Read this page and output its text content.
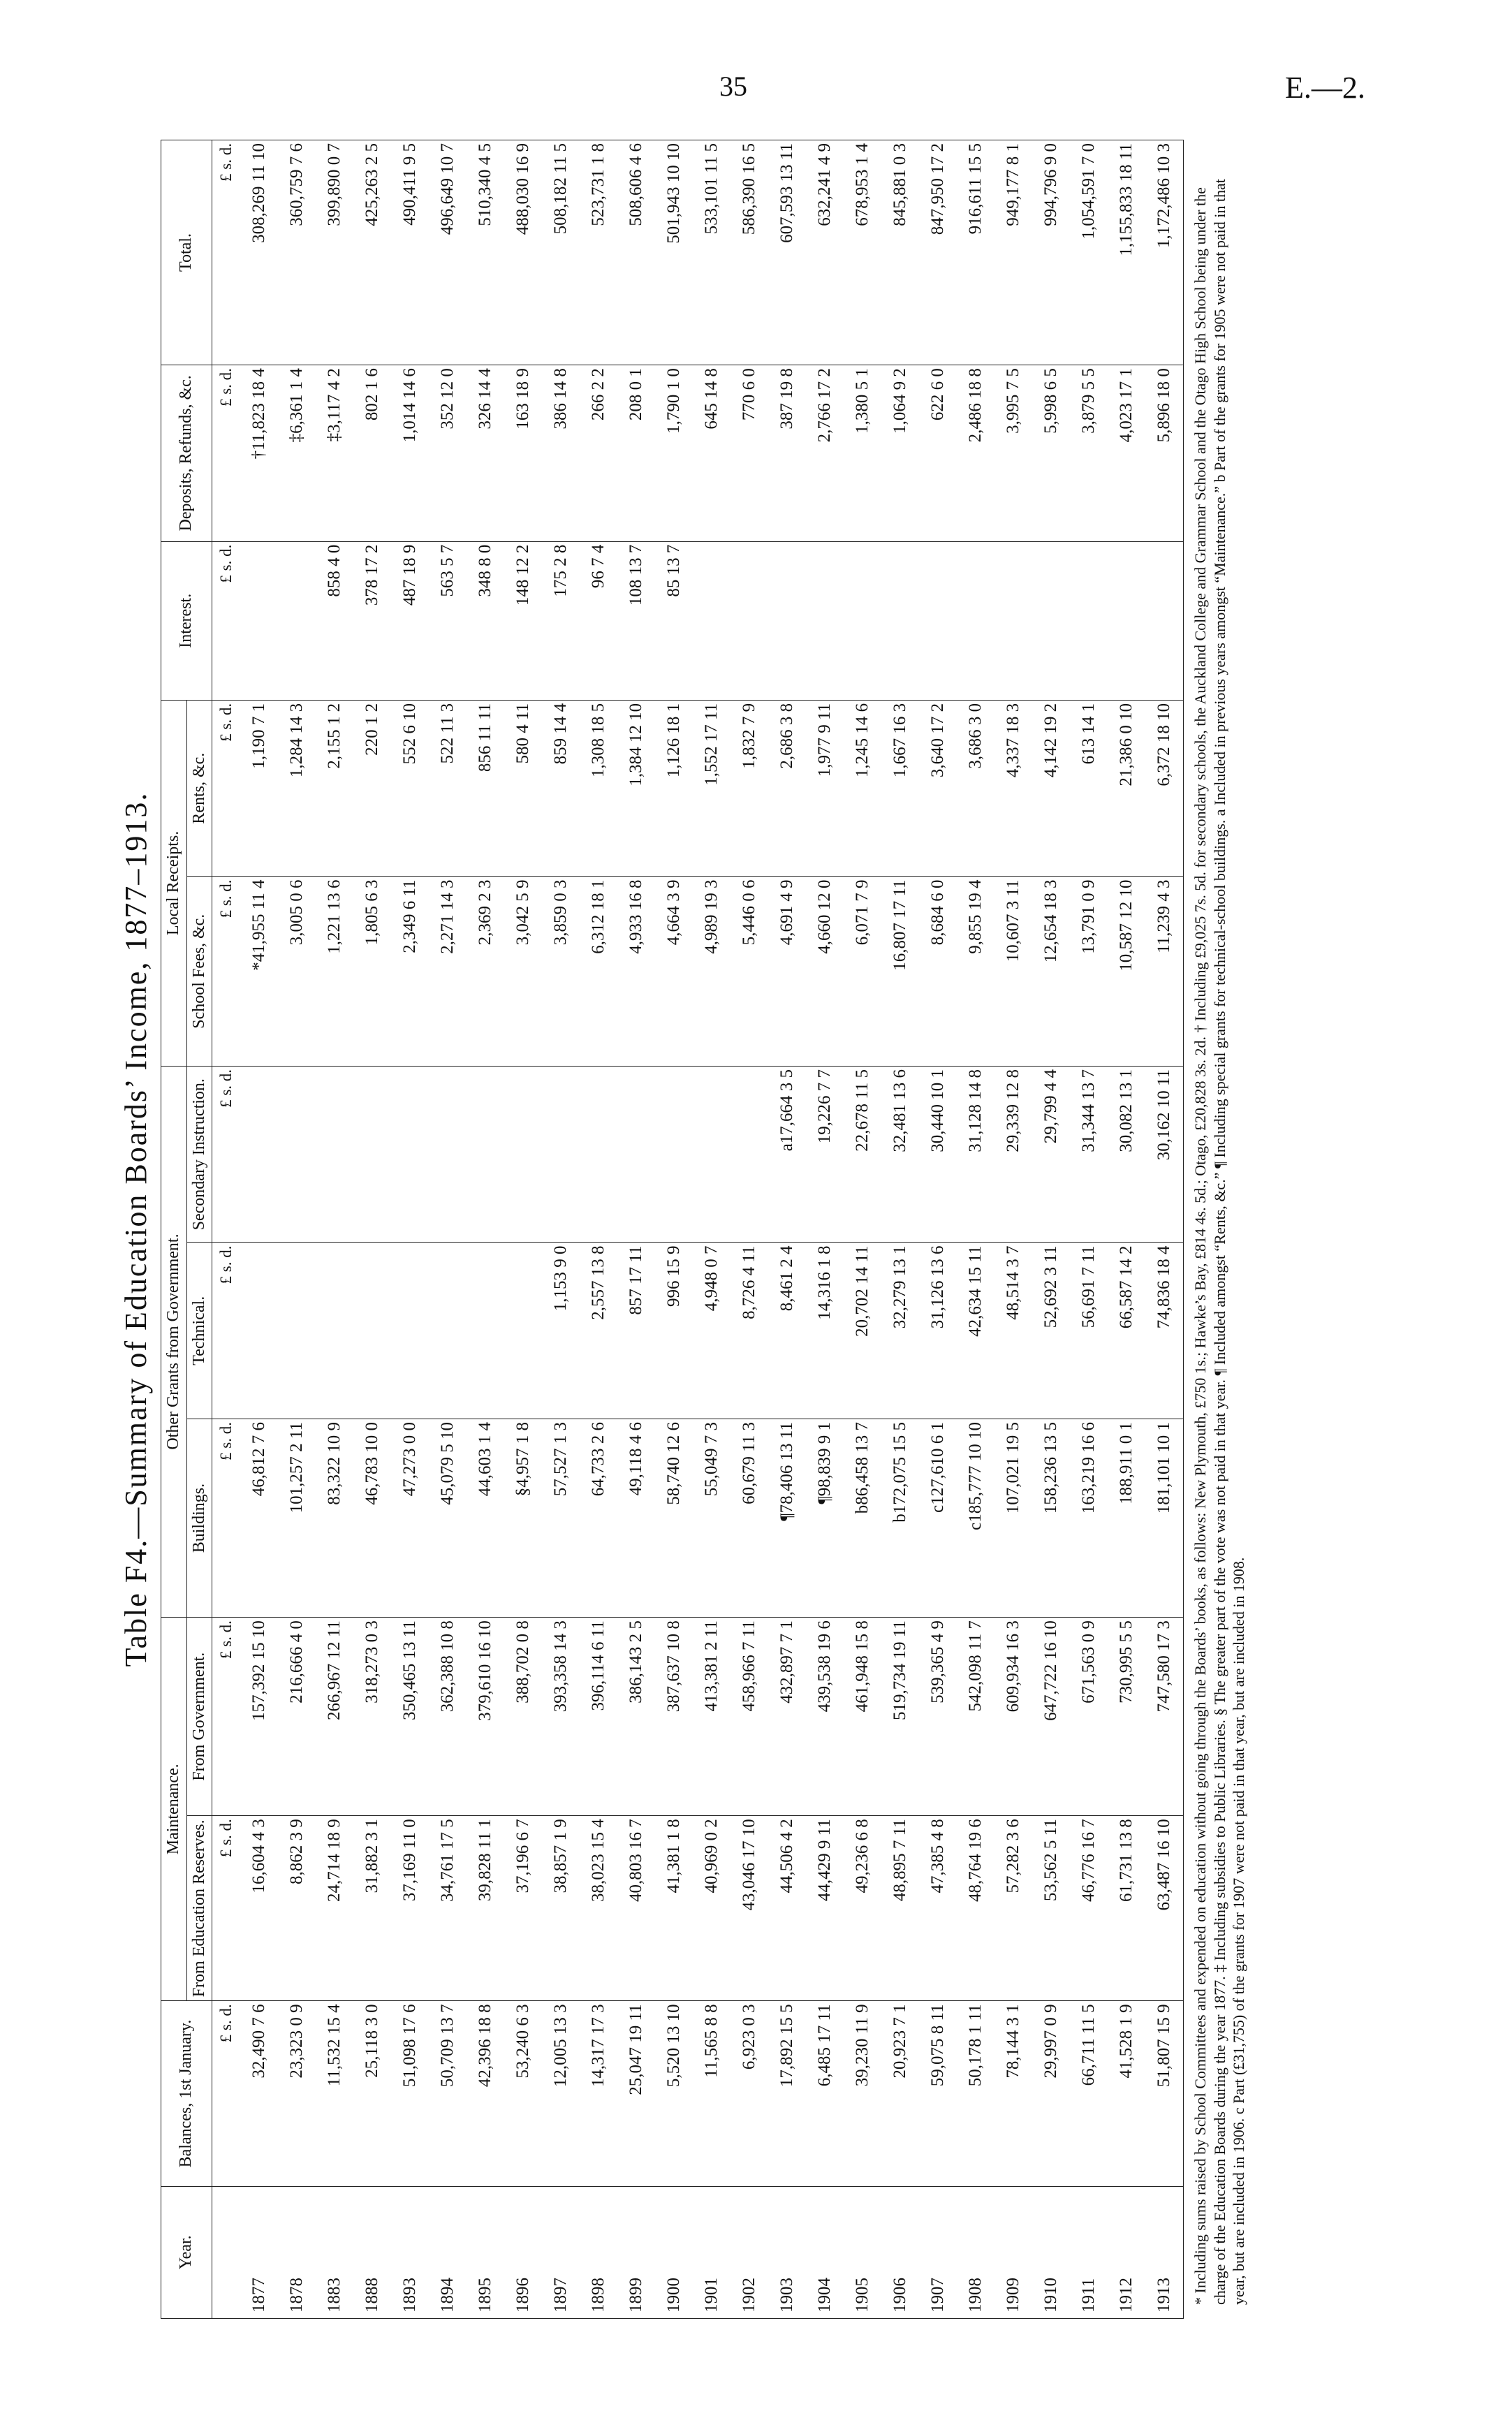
35	E.—2.
Table F4.—Summary of Education Boards’ Income, 1877–1913.
Year.	Balances, 1st January.	Maintenance.		Other Grants from Government.			Local Receipts.		Interest.	Deposits, Refunds, &c.	Total.
		From Education Reserves.	From Government.	Buildings.	Technical.	Secondary Instruction.	School Fees, &c.	Rents, &c.			
	£ s. d.	£ s. d.	£ s. d.	£ s. d.	£ s. d.	£ s. d.	£ s. d.	£ s. d.	£ s. d.	£ s. d.	£ s. d.
1877	32,490 7 6	16,604 4 3	157,392 15 10	46,812 7 6			*41,955 11 4	1,190 7 1		†11,823 18 4	308,269 11 10
1878	23,323 0 9	8,862 3 9	216,666 4 0	101,257 2 11			3,005 0 6	1,284 14 3		‡6,361 1 4	360,759 7 6
1883	11,532 15 4	24,714 18 9	266,967 12 11	83,322 10 9			1,221 13 6	2,155 1 2	858 4 0	‡3,117 4 2	399,890 0 7
1888	25,118 3 0	31,882 3 1	318,273 0 3	46,783 10 0			1,805 6 3	220 1 2	378 17 2	802 1 6	425,263 2 5
1893	51,098 17 6	37,169 11 0	350,465 13 11	47,273 0 0			2,349 6 11	552 6 10	487 18 9	1,014 14 6	490,411 9 5
1894	50,709 13 7	34,761 17 5	362,388 10 8	45,079 5 10			2,271 14 3	522 11 3	563 5 7	352 12 0	496,649 10 7
1895	42,396 18 8	39,828 11 1	379,610 16 10	44,603 1 4			2,369 2 3	856 11 11	348 8 0	326 14 4	510,340 4 5
1896	53,240 6 3	37,196 6 7	388,702 0 8	§4,957 1 8			3,042 5 9	580 4 11	148 12 2	163 18 9	488,030 16 9
1897	12,005 13 3	38,857 1 9	393,358 14 3	57,527 1 3	1,153 9 0		3,859 0 3	859 14 4	175 2 8	386 14 8	508,182 11 5
1898	14,317 17 3	38,023 15 4	396,114 6 11	64,733 2 6	2,557 13 8		6,312 18 1	1,308 18 5	96 7 4	266 2 2	523,731 1 8
1899	25,047 19 11	40,803 16 7	386,143 2 5	49,118 4 6	857 17 11		4,933 16 8	1,384 12 10	108 13 7	208 0 1	508,606 4 6
1900	5,520 13 10	41,381 1 8	387,637 10 8	58,740 12 6	996 15 9		4,664 3 9	1,126 18 1	85 13 7	1,790 1 0	501,943 10 10
1901	11,565 8 8	40,969 0 2	413,381 2 11	55,049 7 3	4,948 0 7		4,989 19 3	1,552 17 11		645 14 8	533,101 11 5
1902	6,923 0 3	43,046 17 10	458,966 7 11	60,679 11 3	8,726 4 11		5,446 0 6	1,832 7 9		770 6 0	586,390 16 5
1903	17,892 15 5	44,506 4 2	432,897 7 1	¶78,406 13 11	8,461 2 4	a17,664 3 5	4,691 4 9	2,686 3 8		387 19 8	607,593 13 11
1904	6,485 17 11	44,429 9 11	439,538 19 6	¶98,839 9 1	14,316 1 8	19,226 7 7	4,660 12 0	1,977 9 11		2,766 17 2	632,241 4 9
1905	39,230 11 9	49,236 6 8	461,948 15 8	b86,458 13 7	20,702 14 11	22,678 11 5	6,071 7 9	1,245 14 6		1,380 5 1	678,953 1 4
1906	20,923 7 1	48,895 7 11	519,734 19 11	b172,075 15 5	32,279 13 1	32,481 13 6	16,807 17 11	1,667 16 3		1,064 9 2	845,881 0 3
1907	59,075 8 11	47,385 4 8	539,365 4 9	c127,610 6 1	31,126 13 6	30,440 10 1	8,684 6 0	3,640 17 2		622 6 0	847,950 17 2
1908	50,178 1 11	48,764 19 6	542,098 11 7	c185,777 10 10	42,634 15 11	31,128 14 8	9,855 19 4	3,686 3 0		2,486 18 8	916,611 15 5
1909	78,144 3 1	57,282 3 6	609,934 16 3	107,021 19 5	48,514 3 7	29,339 12 8	10,607 3 11	4,337 18 3		3,995 7 5	949,177 8 1
1910	29,997 0 9	53,562 5 11	647,722 16 10	158,236 13 5	52,692 3 11	29,799 4 4	12,654 18 3	4,142 19 2		5,998 6 5	994,796 9 0
1911	66,711 11 5	46,776 16 7	671,563 0 9	163,219 16 6	56,691 7 11	31,344 13 7	13,791 0 9	613 14 1		3,879 5 5	1,054,591 7 0
1912	41,528 1 9	61,731 13 8	730,995 5 5	188,911 0 1	66,587 14 2	30,082 13 1	10,587 12 10	21,386 0 10		4,023 17 1	1,155,833 18 11
1913	51,807 15 9	63,487 16 10	747,580 17 3	181,101 10 1	74,836 18 4	30,162 10 11	11,239 4 3	6,372 18 10		5,896 18 0	1,172,486 10 3 * Including sums raised by School Committees and expended on education without going through the Boards’ books, as follows: New Plymouth, £750 1s.; Hawke’s Bay, £814 4s. 5d.; Otago, £20,828 3s. 2d. † Including £9,025 7s. 5d. for secondary schools, the Auckland College and Grammar School and the Otago High School being under the charge of the Education Boards during the year 1877. ‡ Including subsidies to Public Libraries. § The greater part of the vote was not paid in that year. ¶ Included amongst “Rents, &c.” ¶ Including special grants for technical-school buildings. a Included in previous years amongst “Maintenance.” b Part of the grants for 1905 were not paid in that year, but are included in 1906. c Part (£31,755) of the grants for 1907 were not paid in that year, but are included in 1908.
